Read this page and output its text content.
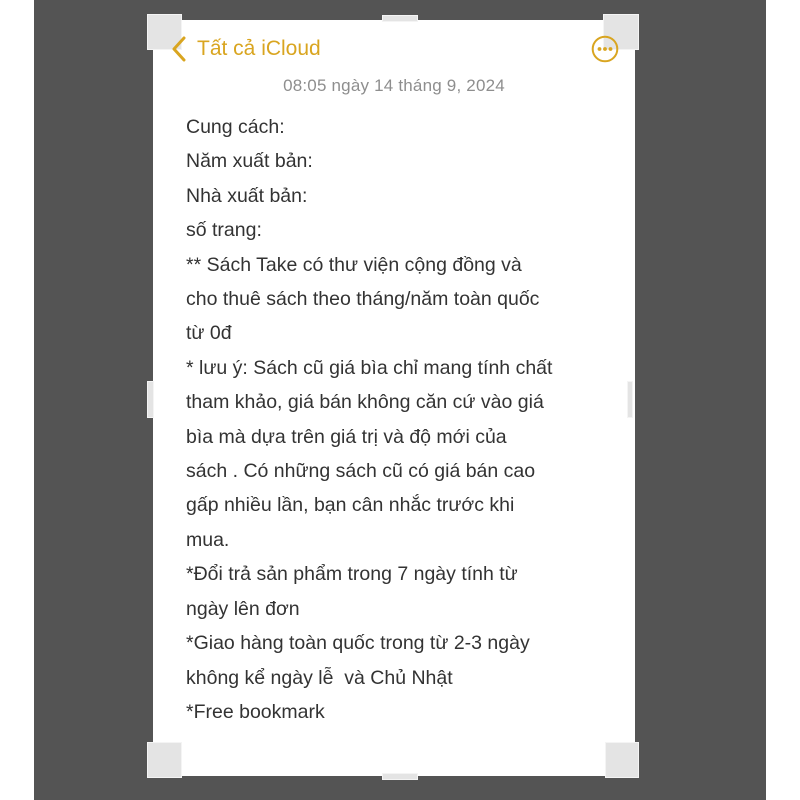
Tất cả iCloud
08:05 ngày 14 tháng 9, 2024
Cung cách:
Năm xuất bản:
Nhà xuất bản:
số trang:
** Sách Take có thư viện cộng đồng và
cho thuê sách theo tháng/năm toàn quốc
từ 0đ
* lưu ý: Sách cũ giá bìa chỉ mang tính chất
tham khảo, giá bán không căn cứ vào giá
bìa mà dựa trên giá trị và độ mới của
sách . Có những sách cũ có giá bán cao
gấp nhiều lần, bạn cân nhắc trước khi
mua.
*Đổi trả sản phẩm trong 7 ngày tính từ
ngày lên đơn
*Giao hàng toàn quốc trong từ 2-3 ngày
không kể ngày lễ  và Chủ Nhật
*Free bookmark
